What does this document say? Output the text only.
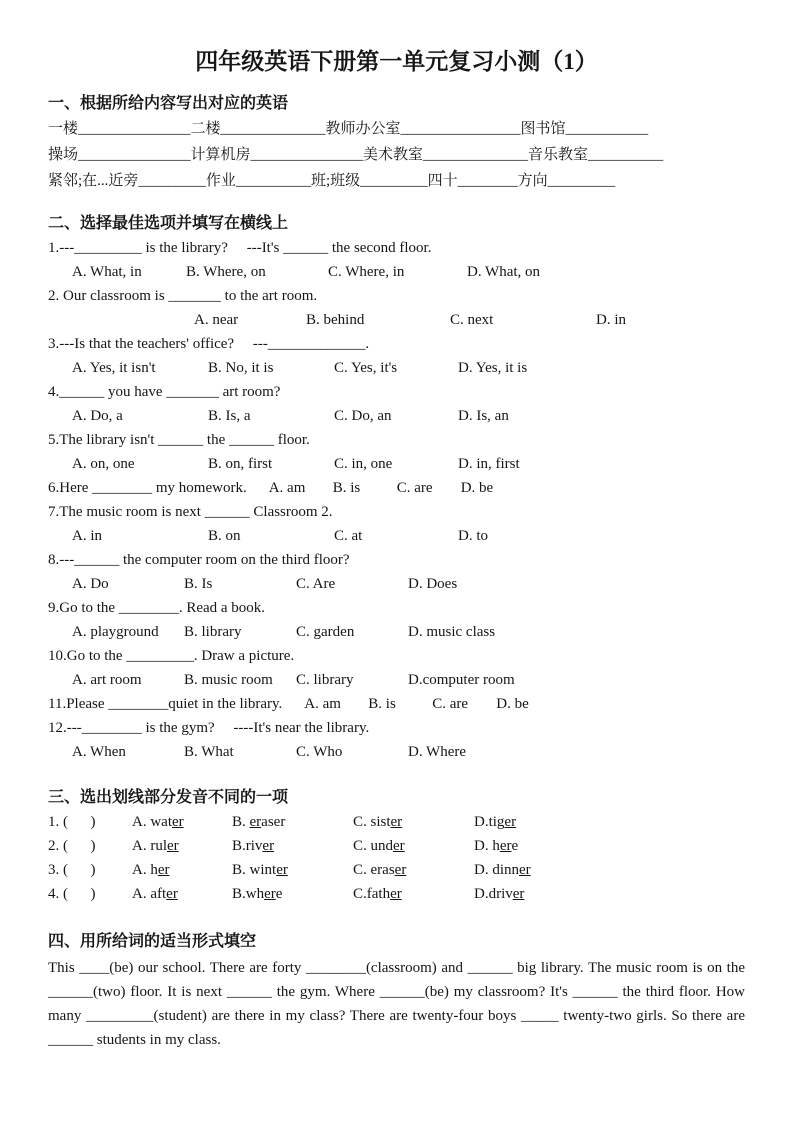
四年级英语下册第一单元复习小测（1）
一、根据所给内容写出对应的英语
一楼_______________二楼______________教师办公室________________图书馆___________
操场_______________计算机房_______________美术教室______________音乐教室__________
紧邻;在...近旁_________作业__________班;班级_________四十________方向_________
二、选择最佳选项并填写在横线上
1.---_________ is the library?     ---It's ______ the second floor.
A. What, in	B. Where, on	C. Where, in	D. What, on
2. Our classroom is _______ to the art room.
A. near	B. behind	C. next	D. in
3.---Is that the teachers' office?     ---_____________.
A. Yes, it isn't	B. No, it is	C. Yes, it's	D. Yes, it is
4.______ you have _______ art room?
A. Do, a	B. Is, a	C. Do, an	D. Is, an
5.The library isn't ______ the ______ floor.
A. on, one	B. on, first	C. in, one	D. in, first
6.Here ________ my homework. A. am	B. is	C. are	D. be
7.The music room is next ______ Classroom 2.
A. in	B. on	C. at	D. to
8.---______ the computer room on the third floor?
A. Do	B. Is	C. Are	D. Does
9.Go to the ________. Read a book.
A. playground	B. library	C. garden	D. music class
10.Go to the _________. Draw a picture.
A. art room	B. music room	C. library	D.computer room
11.Please ________quiet in the library. A. am	B. is	C. are	D. be
12.---________ is the gym?     ----It's near the library.
A. When	B. What	C. Who	D. Where
三、选出划线部分发音不同的一项
1. (      )	A. water	B. eraser	C. sister	D.tiger
2. (      )	A. ruler	B.river	C. under	D. here
3. (      )	A. her	B. winter	C. eraser	D. dinner
4. (      )	A. after	B.where	C.father	D.driver
四、用所给词的适当形式填空

This ____(be) our school. There are forty ________(classroom) and ______ big library. The music room is on the ______(two) floor. It is next ______ the gym. Where ______(be) my classroom? It's ______ the third floor. How many _________(student) are there in my class? There are twenty-four boys _____ twenty-two girls. So there are ______ students in my class.
